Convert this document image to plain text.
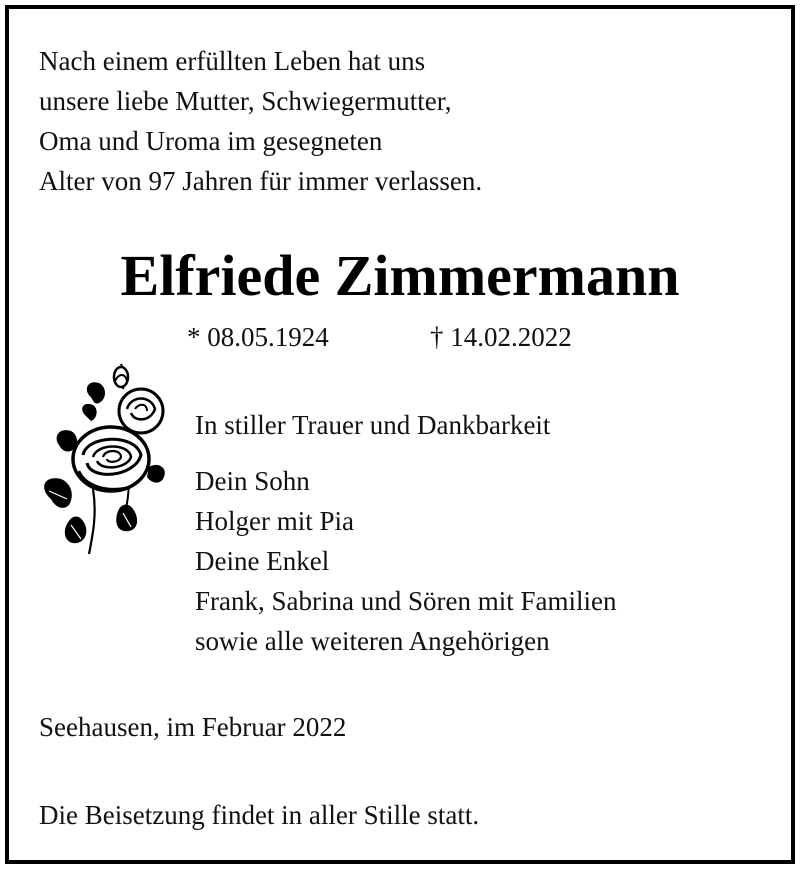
Nach einem erfüllten Leben hat uns
unsere liebe Mutter, Schwiegermutter,
Oma und Uroma im gesegneten
Alter von 97 Jahren für immer verlassen.
Elfriede Zimmermann
* 08.05.1924	† 14.02.2022
In stiller Trauer und Dankbarkeit
Dein Sohn
Holger mit Pia
Deine Enkel
Frank, Sabrina und Sören mit Familien
sowie alle weiteren Angehörigen
Seehausen, im Februar 2022
Die Beisetzung findet in aller Stille statt.
